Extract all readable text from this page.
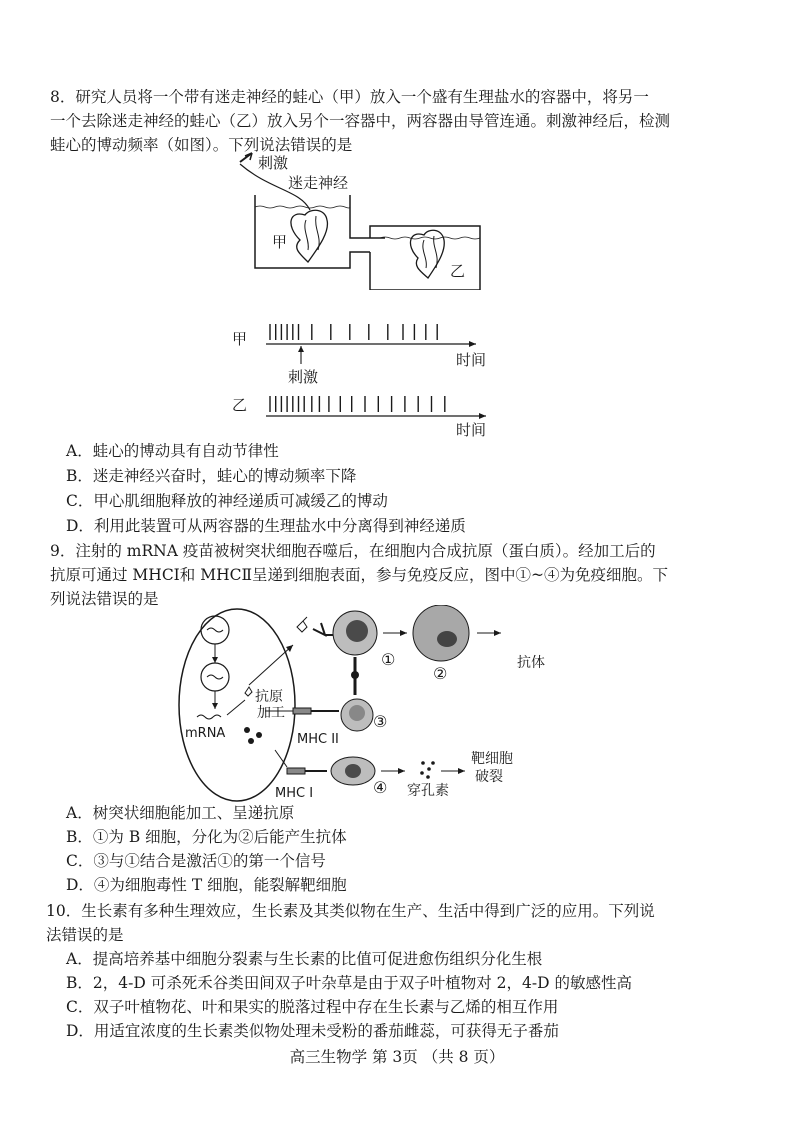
8．研究人员将一个带有迷走神经的蛙心（甲）放入一个盛有生理盐水的容器中，将另一
一个去除迷走神经的蛙心（乙）放入另个一容器中，两容器由导管连通。刺激神经后，检测
蛙心的博动频率（如图）。下列说法错误的是
刺激
迷走神经
甲
乙
甲
时间
刺激
乙
时间
A．蛙心的博动具有自动节律性
B．迷走神经兴奋时，蛙心的博动频率下降
C．甲心肌细胞释放的神经递质可减缓乙的博动
D．利用此装置可从两容器的生理盐水中分离得到神经递质
9．注射的 mRNA 疫苗被树突状细胞吞噬后，在细胞内合成抗原（蛋白质）。经加工后的
抗原可通过 MHCⅠ和 MHCⅡ呈递到细胞表面，参与免疫反应，图中①~④为免疫细胞。下
列说法错误的是
mRNA
抗原
加工
①
②
抗体
MHC II
③
MHC I	④ 穿孔素
靶细胞
破裂
A．树突状细胞能加工、呈递抗原
B．①为 B 细胞，分化为②后能产生抗体
C．③与①结合是激活①的第一个信号
D．④为细胞毒性 T 细胞，能裂解靶细胞
10．生长素有多种生理效应，生长素及其类似物在生产、生活中得到广泛的应用。下列说
法错误的是
A．提高培养基中细胞分裂素与生长素的比值可促进愈伤组织分化生根
B．2，4-D 可杀死禾谷类田间双子叶杂草是由于双子叶植物对 2，4-D 的敏感性高
C．双子叶植物花、叶和果实的脱落过程中存在生长素与乙烯的相互作用
D．用适宜浓度的生长素类似物处理未受粉的番茄雌蕊，可获得无子番茄
高三生物学 第 3页 （共 8 页）
